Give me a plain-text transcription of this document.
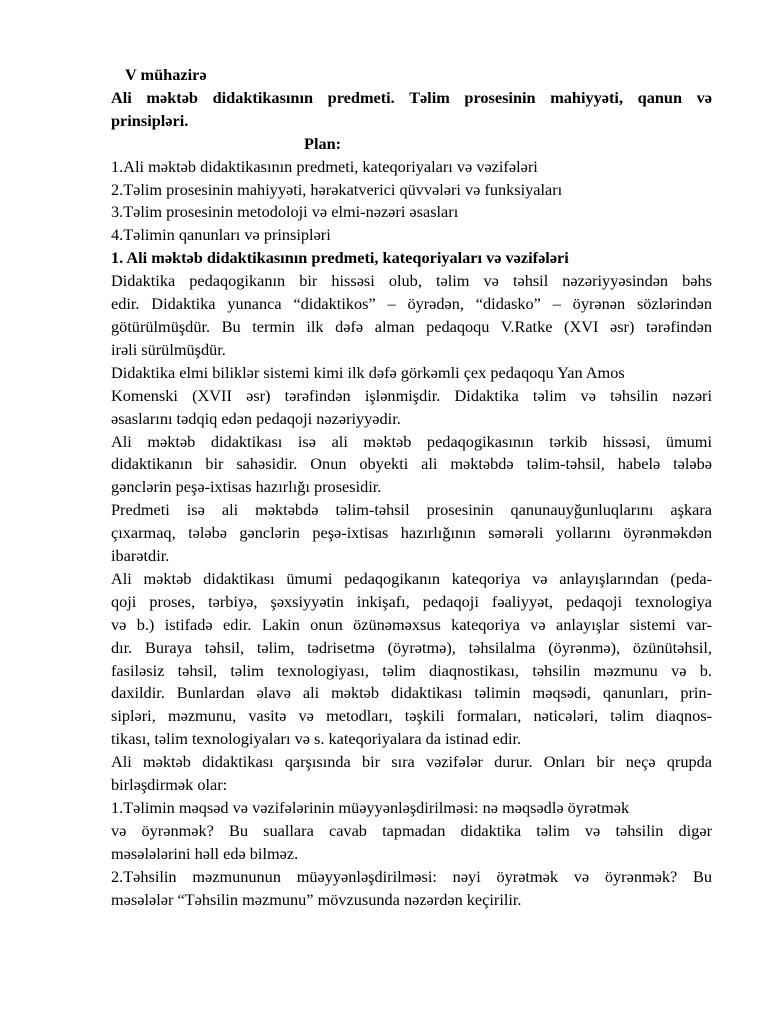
V mühazirə
Ali məktəb didaktikasının predmeti. Təlim prosesinin mahiyyəti, qanun və
prinsipləri.
Plan:
1.Ali məktəb didaktikasının predmeti, kateqoriyaları və vəzifələri
2.Təlim prosesinin mahiyyəti, hərəkatverici qüvvələri və funksiyaları
3.Təlim prosesinin metodoloji və elmi-nəzəri əsasları
4.Təlimin qanunları və prinsipləri
1. Ali məktəb didaktikasının predmeti, kateqoriyaları və vəzifələri
Didaktika pedaqogikanın bir hissəsi olub, təlim və təhsil nəzəriyyəsindən bəhs
edir. Didaktika yunanca “didaktikos” – öyrədən, “didasko” – öyrənən sözlərindən
götürülmüşdür. Bu termin ilk dəfə alman pedaqoqu V.Ratke (XVI əsr) tərəfindən
irəli sürülmüşdür.
Didaktika elmi biliklər sistemi kimi ilk dəfə görkəmli çex pedaqoqu Yan Amos
Komenski (XVII əsr) tərəfindən işlənmişdir. Didaktika təlim və təhsilin nəzəri
əsaslarını tədqiq edən pedaqoji nəzəriyyədir.
Ali məktəb didaktikası isə ali məktəb pedaqogikasının tərkib hissəsi, ümumi
didaktikanın bir sahəsidir. Onun obyekti ali məktəbdə təlim-təhsil, habelə tələbə
gənclərin peşə-ixtisas hazırlığı prosesidir.
Predmeti isə ali məktəbdə təlim-təhsil prosesinin qanunauyğunluqlarını aşkara
çıxarmaq, tələbə gənclərin peşə-ixtisas hazırlığının səmərəli yollarını öyrənməkdən
ibarətdir.
Ali məktəb didaktikası ümumi pedaqogikanın kateqoriya və anlayışlarından (peda-
qoji proses, tərbiyə, şəxsiyyətin inkişafı, pedaqoji fəaliyyət, pedaqoji texnologiya
və b.) istifadə edir. Lakin onun özünəməxsus kateqoriya və anlayışlar sistemi var-
dır. Buraya təhsil, təlim, tədrisetmə (öyrətmə), təhsilalma (öyrənmə), özünütəhsil,
fasiləsiz təhsil, təlim texnologiyası, təlim diaqnostikası, təhsilin məzmunu və b.
daxildir. Bunlardan əlavə ali məktəb didaktikası təlimin məqsədi, qanunları, prin-
sipləri, məzmunu, vasitə və metodları, təşkili formaları, nəticələri, təlim diaqnos-
tikası, təlim texnologiyaları və s. kateqoriyalara da istinad edir.
Ali məktəb didaktikası qarşısında bir sıra vəzifələr durur. Onları bir neçə qrupda
birləşdirmək olar:
1.Təlimin məqsəd və vəzifələrinin müəyyənləşdirilməsi: nə məqsədlə öyrətmək
və öyrənmək? Bu suallara cavab tapmadan didaktika təlim və təhsilin digər
məsələlərini həll edə bilməz.
2.Təhsilin məzmununun müəyyənləşdirilməsi: nəyi öyrətmək və öyrənmək? Bu
məsələlər “Təhsilin məzmunu” mövzusunda nəzərdən keçirilir.
